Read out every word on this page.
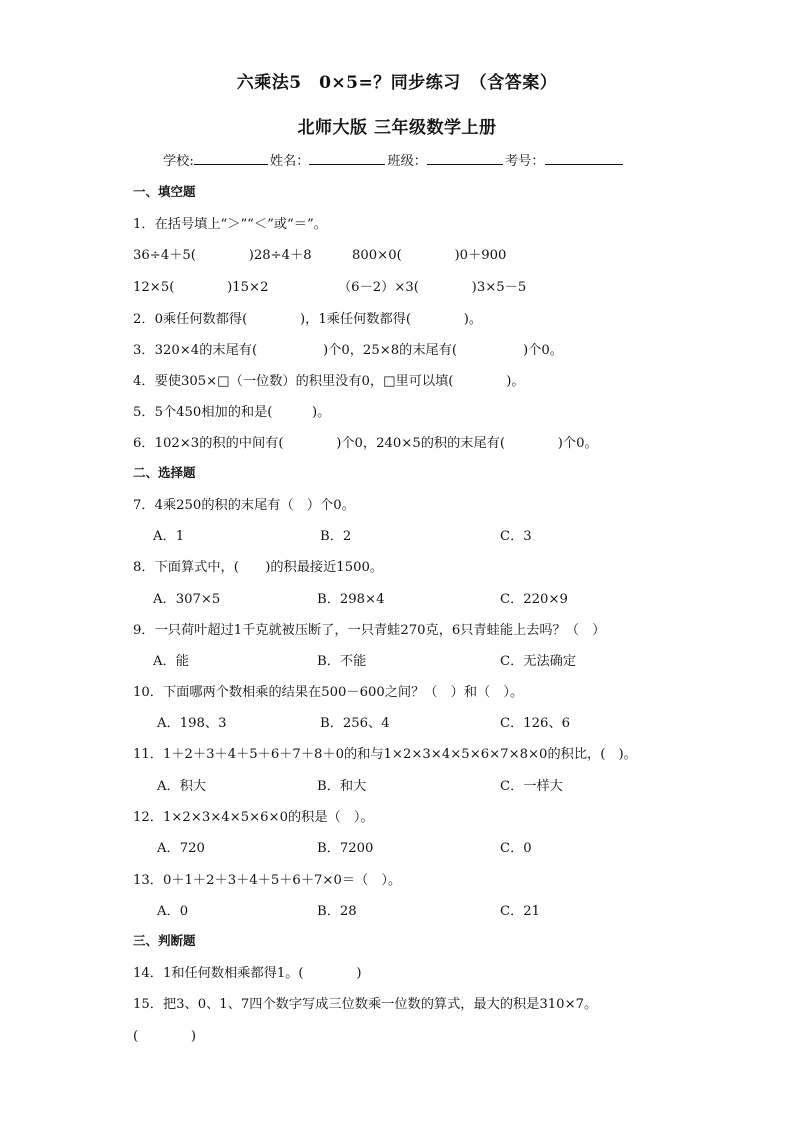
六乘法5　0×5=？同步练习　（含答案）
北师大版 三年级数学上册
学校:	姓名：	班级：	考号：
一、填空题
1．在括号填上“＞”“＜”或“＝”。
36÷4＋5(　　　　)28÷4＋8	800×0(　　　　)0＋900
12×5(　　　　)15×2	（6－2）×3(　　　　)3×5－5
2．0乘任何数都得(　　　　)，1乘任何数都得(　　　　)。
3．320×4的末尾有(　　　　　)个0，25×8的末尾有(　　　　　)个0。
4．要使305×□（一位数）的积里没有0，□里可以填(　　　　)。
5．5个450相加的和是(　　　)。
6．102×3的积的中间有(　　　　)个0，240×5的积的末尾有(　　　　)个0。
二、选择题
7．4乘250的积的末尾有（　）个0。
A．1	B．2	C．3
8．下面算式中，(　　)的积最接近1500。
A．307×5	B．298×4	C．220×9
9．一只荷叶超过1千克就被压断了，一只青蛙270克，6只青蛙能上去吗？（　）
A．能	B．不能	C．无法确定
10．下面哪两个数相乘的结果在500－600之间？（　）和（　）。
A．198、3	B．256、4	C．126、6
11．1＋2＋3＋4＋5＋6＋7＋8＋0的和与1×2×3×4×5×6×7×8×0的积比，(　)。
A．积大	B．和大	C．一样大
12．1×2×3×4×5×6×0的积是（　）。
A．720	B．7200	C．0
13．0＋1＋2＋3＋4＋5＋6＋7×0＝（　）。
A．0	B．28	C．21
三、判断题
14．1和任何数相乘都得1。(　　　　)
15．把3、0、1、7四个数字写成三位数乘一位数的算式，最大的积是310×7。
(　　　　)
